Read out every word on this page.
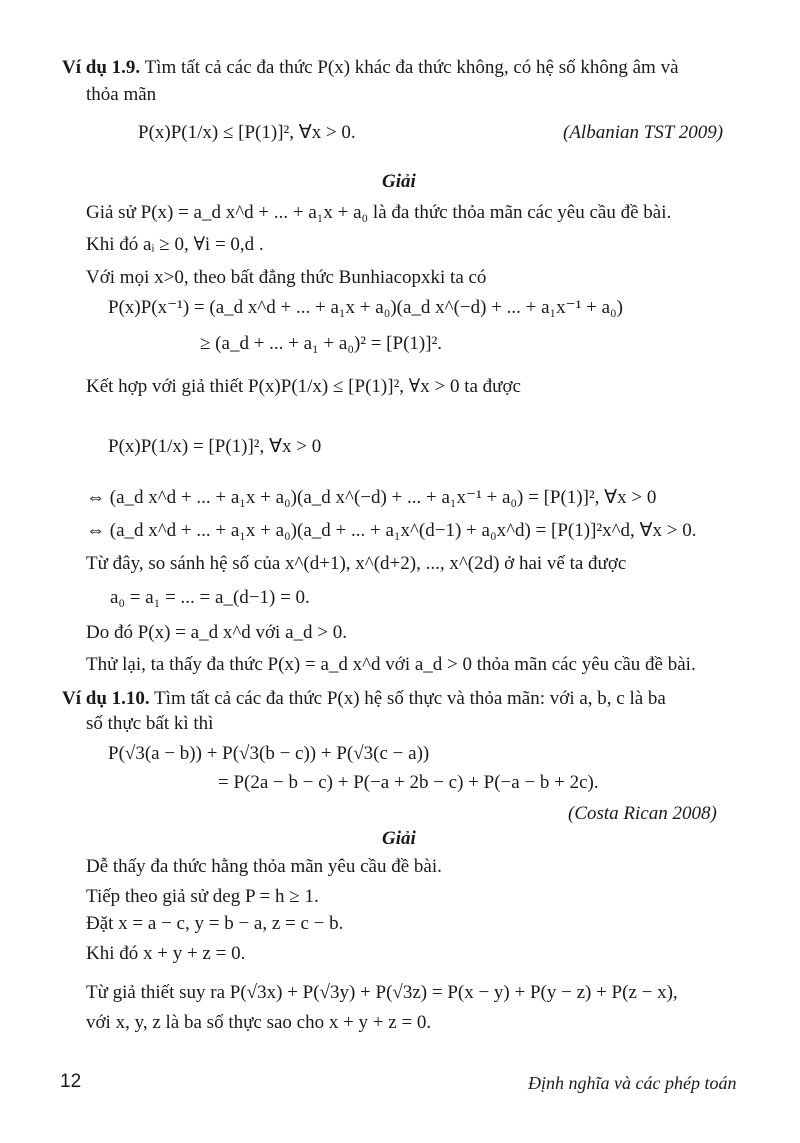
Ví dụ 1.9. Tìm tất cả các đa thức P(x) khác đa thức không, có hệ số không âm và
thỏa mãn
P(x)P(1/x) ≤ [P(1)]², ∀x > 0.	(Albanian TST 2009)
Giải
Giả sử P(x) = a_d x^d + ... + a₁x + a₀ là đa thức thỏa mãn các yêu cầu đề bài.
Khi đó aᵢ ≥ 0, ∀i = 0,d .
Với mọi x>0, theo bất đẳng thức Bunhiacopxki ta có
P(x)P(x⁻¹) = (a_d x^d + ... + a₁x + a₀)(a_d x^(−d) + ... + a₁x⁻¹ + a₀)
≥ (a_d + ... + a₁ + a₀)² = [P(1)]².
Kết hợp với giả thiết P(x)P(1/x) ≤ [P(1)]², ∀x > 0 ta được
P(x)P(1/x) = [P(1)]², ∀x > 0
⇔ (a_d x^d + ... + a₁x + a₀)(a_d x^(−d) + ... + a₁x⁻¹ + a₀) = [P(1)]², ∀x > 0
⇔ (a_d x^d + ... + a₁x + a₀)(a_d + ... + a₁x^(d−1) + a₀x^d) = [P(1)]²x^d, ∀x > 0.
Từ đây, so sánh hệ số của x^(d+1), x^(d+2), ..., x^(2d) ở hai vế ta được
a₀ = a₁ = ... = a_(d−1) = 0.
Do đó P(x) = a_d x^d với a_d > 0.
Thử lại, ta thấy đa thức P(x) = a_d x^d với a_d > 0 thỏa mãn các yêu cầu đề bài.
Ví dụ 1.10. Tìm tất cả các đa thức P(x) hệ số thực và thỏa mãn: với a, b, c là ba
số thực bất kì thì
P(√3(a − b)) + P(√3(b − c)) + P(√3(c − a))
= P(2a − b − c) + P(−a + 2b − c) + P(−a − b + 2c).
(Costa Rican 2008)
Giải
Dễ thấy đa thức hằng thỏa mãn yêu cầu đề bài.
Tiếp theo giả sử deg P = h ≥ 1.
Đặt x = a − c, y = b − a, z = c − b.
Khi đó x + y + z = 0.
Từ giả thiết suy ra P(√3x) + P(√3y) + P(√3z) = P(x − y) + P(y − z) + P(z − x),
với x, y, z là ba số thực sao cho x + y + z = 0.
12	Định nghĩa và các phép toán
